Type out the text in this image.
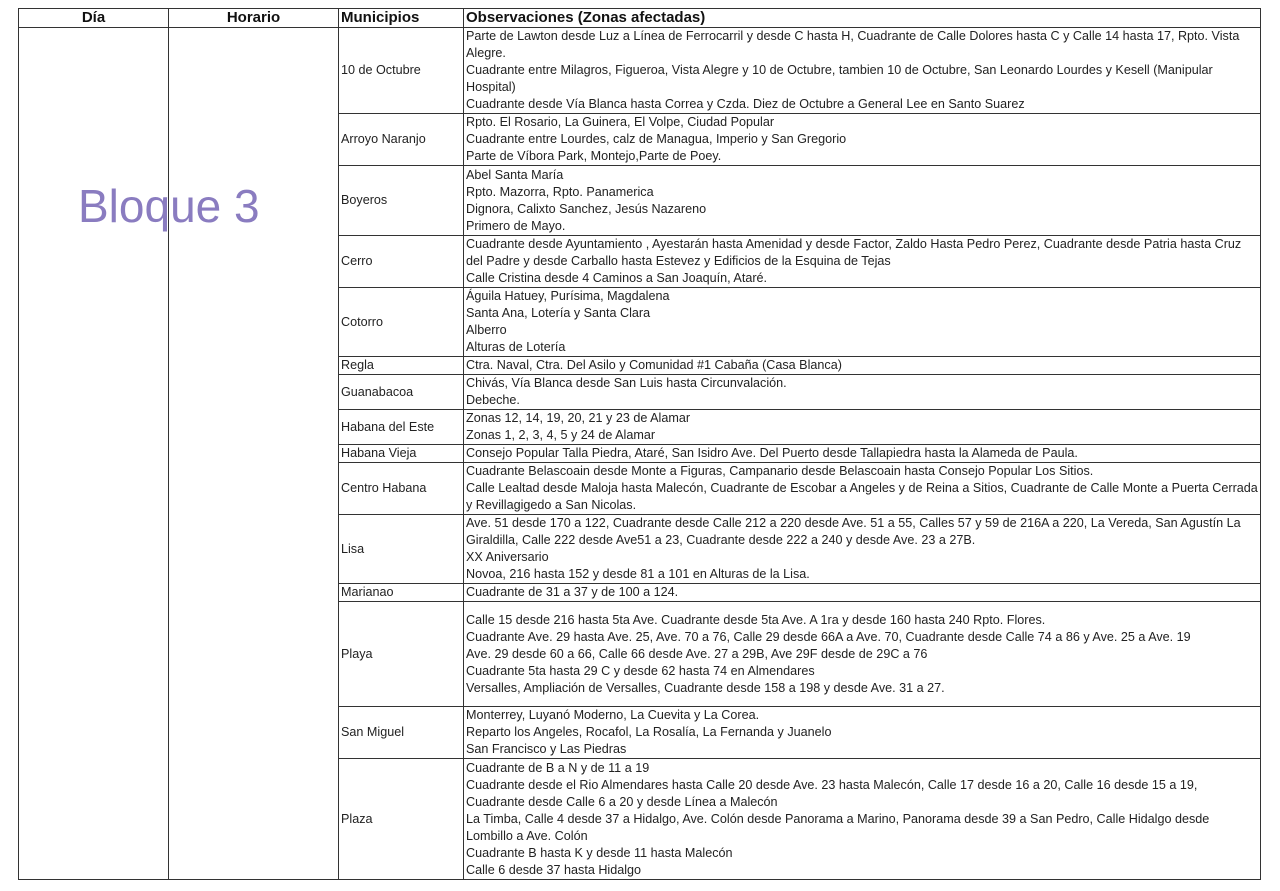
Día	Horario	Municipios	Observaciones (Zonas afectadas)
		10 de Octubre	Parte de Lawton desde Luz a Línea de Ferrocarril y desde C hasta H, Cuadrante de Calle Dolores hasta C y Calle 14 hasta 17, Rpto. Vista Alegre.
Cuadrante entre Milagros, Figueroa, Vista Alegre y 10 de Octubre, tambien 10 de Octubre, San Leonardo Lourdes y Kesell (Manipular Hospital)
Cuadrante desde Vía Blanca hasta Correa y Czda. Diez de Octubre a General Lee en Santo Suarez

		Arroyo Naranjo	Rpto. El Rosario, La Guinera, El Volpe, Ciudad Popular
Cuadrante entre Lourdes, calz de Managua, Imperio y San Gregorio
Parte de Víbora Park, Montejo,Parte de Poey.

		Boyeros	Abel Santa María
Rpto. Mazorra, Rpto. Panamerica
Dignora, Calixto Sanchez, Jesús Nazareno
Primero de Mayo.

		Cerro	Cuadrante desde Ayuntamiento , Ayestarán hasta Amenidad y desde Factor, Zaldo Hasta Pedro Perez, Cuadrante desde Patria hasta Cruz del Padre y desde Carballo hasta Estevez y Edificios de la Esquina de Tejas
Calle Cristina desde 4 Caminos a San Joaquín, Ataré.

		Cotorro	Águila Hatuey, Purísima, Magdalena
Santa Ana, Lotería y Santa Clara
Alberro
Alturas de Lotería

		Regla	Ctra. Naval, Ctra. Del Asilo y Comunidad #1 Cabaña (Casa Blanca)

		Guanabacoa	Chivás, Vía Blanca desde San Luis hasta Circunvalación.
Debeche.

		Habana del Este	Zonas 12, 14, 19, 20, 21 y 23 de Alamar
Zonas 1, 2, 3, 4, 5 y 24 de Alamar

		Habana Vieja	Consejo Popular Talla Piedra, Ataré, San Isidro Ave. Del Puerto desde Tallapiedra hasta la Alameda de Paula.

		Centro Habana	Cuadrante Belascoain desde Monte a Figuras, Campanario desde Belascoain hasta Consejo Popular Los Sitios.
Calle Lealtad desde Maloja hasta Malecón, Cuadrante de Escobar a Angeles y de Reina a Sitios, Cuadrante de Calle Monte a Puerta Cerrada y Revillagigedo a San Nicolas.

		Lisa	Ave. 51 desde 170 a 122, Cuadrante desde Calle 212 a 220 desde Ave. 51 a 55, Calles 57 y 59 de 216A a 220, La Vereda, San Agustín La Giraldilla, Calle 222 desde Ave51 a 23, Cuadrante desde 222 a 240 y desde Ave. 23 a 27B.
XX Aniversario
Novoa, 216 hasta 152 y desde 81 a 101 en Alturas de la Lisa.

		Marianao	Cuadrante de 31 a 37 y de 100 a 124.

		Playa	Calle 15 desde 216 hasta 5ta Ave. Cuadrante desde 5ta Ave. A 1ra y desde 160 hasta 240 Rpto. Flores.
Cuadrante Ave. 29 hasta Ave. 25, Ave. 70 a 76, Calle 29 desde 66A a Ave. 70, Cuadrante desde Calle 74 a 86 y Ave. 25 a Ave. 19
Ave. 29 desde 60 a 66, Calle 66 desde Ave. 27 a 29B, Ave 29F desde de 29C a 76
Cuadrante 5ta hasta 29 C y desde 62 hasta 74 en Almendares
Versalles, Ampliación de Versalles, Cuadrante desde 158 a 198 y desde Ave. 31 a 27.

		San Miguel	Monterrey, Luyanó Moderno, La Cuevita y La Corea.
Reparto los Angeles, Rocafol, La Rosalía, La Fernanda y Juanelo
San Francisco y Las Piedras

		Plaza	Cuadrante de B a N y de 11 a 19
Cuadrante desde el Rio Almendares hasta Calle 20 desde Ave. 23 hasta Malecón, Calle 17 desde 16 a 20, Calle 16 desde 15 a 19, Cuadrante desde Calle 6 a 20 y desde Línea a Malecón
La Timba, Calle 4 desde 37 a Hidalgo, Ave. Colón desde Panorama a Marino, Panorama desde 39 a San Pedro, Calle Hidalgo desde Lombillo a Ave. Colón
Cuadrante B hasta K y desde 11 hasta Malecón
Calle 6 desde 37 hasta Hidalgo
Bloque 3
